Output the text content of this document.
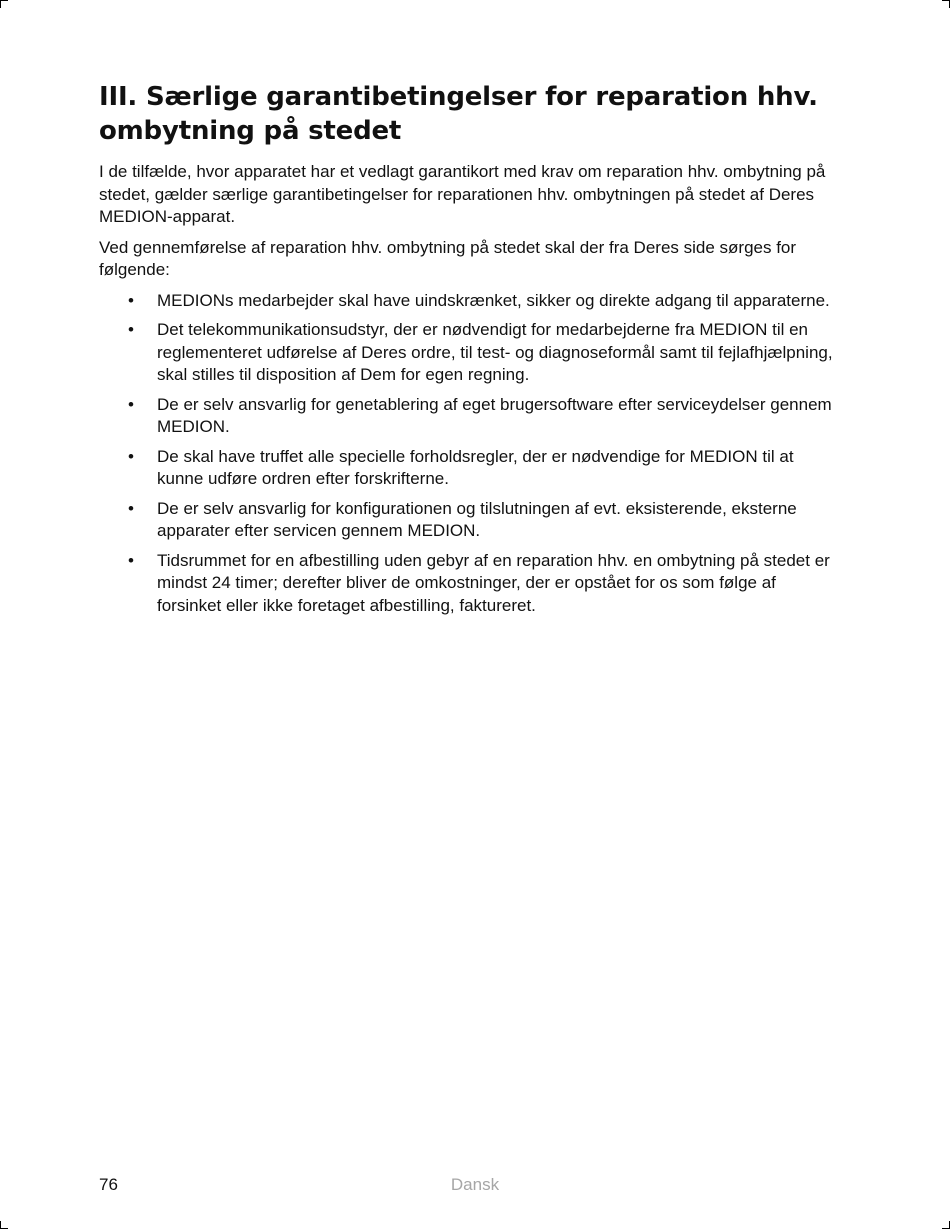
III. Særlige garantibetingelser for reparation hhv.
ombytning på stedet

I de tilfælde, hvor apparatet har et vedlagt garantikort med krav om reparation hhv. ombytning på stedet, gælder særlige garantibetingelser for reparationen hhv. ombytningen på stedet af Deres MEDION-apparat.

Ved gennemførelse af reparation hhv. ombytning på stedet skal der fra Deres side sørges for følgende:

• MEDIONs medarbejder skal have uindskrænket, sikker og direkte adgang til apparaterne.
• Det telekommunikationsudstyr, der er nødvendigt for medarbejderne fra MEDION til en reglementeret udførelse af Deres ordre, til test- og diagnoseformål samt til fejlafhjælpning, skal stilles til disposition af Dem for egen regning.
• De er selv ansvarlig for genetablering af eget brugersoftware efter serviceydelser gennem MEDION.
• De skal have truffet alle specielle forholdsregler, der er nødvendige for MEDION til at kunne udføre ordren efter forskrifterne.
• De er selv ansvarlig for konfigurationen og tilslutningen af evt. eksisterende, eksterne apparater efter servicen gennem MEDION.
• Tidsrummet for en afbestilling uden gebyr af en reparation hhv. en ombytning på stedet er mindst 24 timer; derefter bliver de omkostninger, der er opstået for os som følge af forsinket eller ikke foretaget afbestilling, faktureret.
76	Dansk
